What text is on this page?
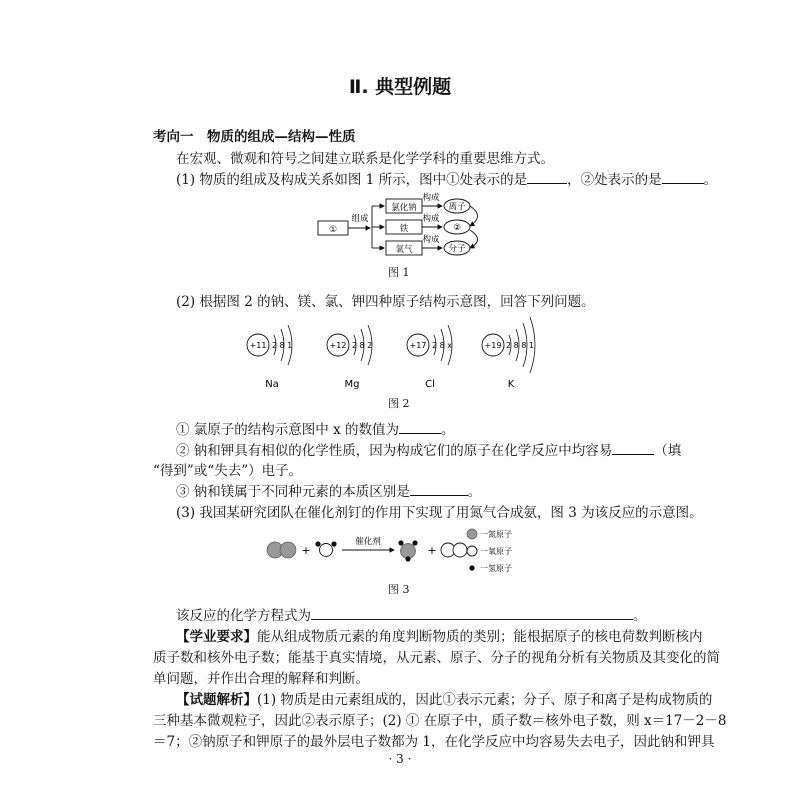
Ⅱ. 典型例题
考向一　物质的组成—结构—性质
在宏观、微观和符号之间建立联系是化学学科的重要思维方式。
(1) 物质的组成及构成关系如图 1 所示，图中①处表示的是	，②处表示的是	。
①
组成
氯化钠
铁
氧气
构成
构成
构成
离子
②
分子
图 1
(2) 根据图 2 的钠、镁、氯、钾四种原子结构示意图，回答下列问题。
+11 2 8 1
Na
+12 2 8 2
Mg
+17 2 8 x
Cl
+19 2 8 8 1
K
图 2
① 氯原子的结构示意图中 x 的数值为	。
② 钠和钾具有相似的化学性质，因为构成它们的原子在化学反应中均容易	（填
“得到”或“失去”）电子。
③ 钠和镁属于不同种元素的本质区别是	。
(3) 我国某研究团队在催化剂钉的作用下实现了用氮气合成氨，图 3 为该反应的示意图。
+
催化剂
+
一氮原子
一氧原子
一氢原子
图 3
该反应的化学方程式为	。
【学业要求】能从组成物质元素的角度判断物质的类别；能根据原子的核电荷数判断核内
质子数和核外电子数；能基于真实情境，从元素、原子、分子的视角分析有关物质及其变化的简
单问题，并作出合理的解释和判断。
【试题解析】(1) 物质是由元素组成的，因此①表示元素；分子、原子和离子是构成物质的
三种基本微观粒子，因此②表示原子；(2) ① 在原子中，质子数＝核外电子数，则 x＝17－2－8
＝7；②钠原子和钾原子的最外层电子数都为 1，在化学反应中均容易失去电子，因此钠和钾具
· 3 ·
